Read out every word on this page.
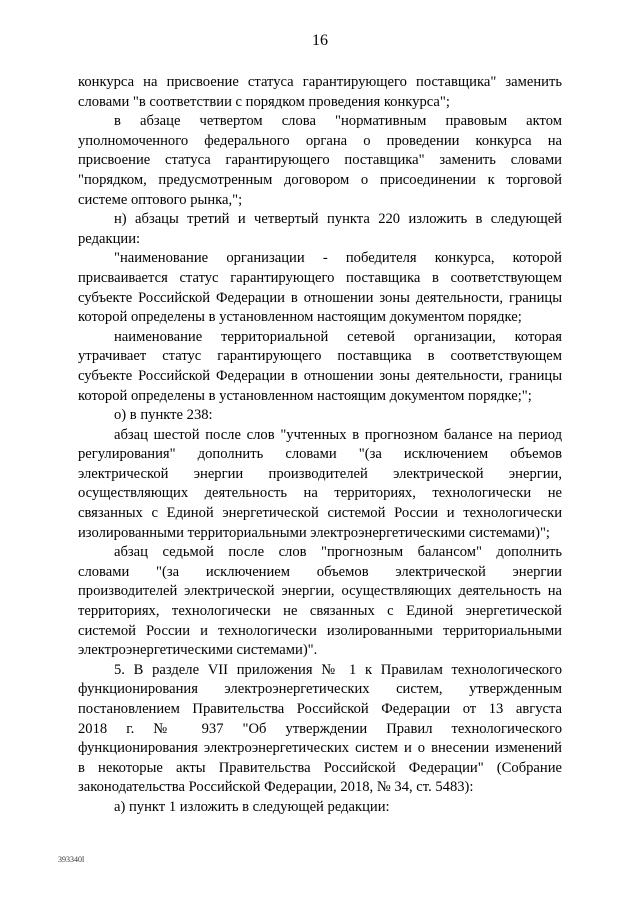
16
конкурса на присвоение статуса гарантирующего поставщика" заменить
словами "в соответствии с порядком проведения конкурса";
в абзаце четвертом слова "нормативным правовым актом
уполномоченного федерального органа о проведении конкурса на
присвоение статуса гарантирующего поставщика" заменить словами
"порядком, предусмотренным договором о присоединении к торговой
системе оптового рынка,";
н) абзацы третий и четвертый пункта 220 изложить в следующей
редакции:
"наименование организации - победителя конкурса, которой
присваивается статус гарантирующего поставщика в соответствующем
субъекте Российской Федерации в отношении зоны деятельности, границы
которой определены в установленном настоящим документом порядке;
наименование территориальной сетевой организации, которая
утрачивает статус гарантирующего поставщика в соответствующем
субъекте Российской Федерации в отношении зоны деятельности, границы
которой определены в установленном настоящим документом порядке;";
о) в пункте 238:
абзац шестой после слов "учтенных в прогнозном балансе на период
регулирования" дополнить словами "(за исключением объемов
электрической энергии производителей электрической энергии,
осуществляющих деятельность на территориях, технологически не
связанных с Единой энергетической системой России и технологически
изолированными территориальными электроэнергетическими системами)";
абзац седьмой после слов "прогнозным балансом" дополнить
словами "(за исключением объемов электрической энергии
производителей электрической энергии, осуществляющих деятельность на
территориях, технологически не связанных с Единой энергетической
системой России и технологически изолированными территориальными
электроэнергетическими системами)".
5. В разделе VII приложения № 1 к Правилам технологического
функционирования электроэнергетических систем, утвержденным
постановлением Правительства Российской Федерации от 13 августа
2018 г. № 937 "Об утверждении Правил технологического
функционирования электроэнергетических систем и о внесении изменений
в некоторые акты Правительства Российской Федерации" (Собрание
законодательства Российской Федерации, 2018, № 34, ст. 5483):
а) пункт 1 изложить в следующей редакции:
393340l
